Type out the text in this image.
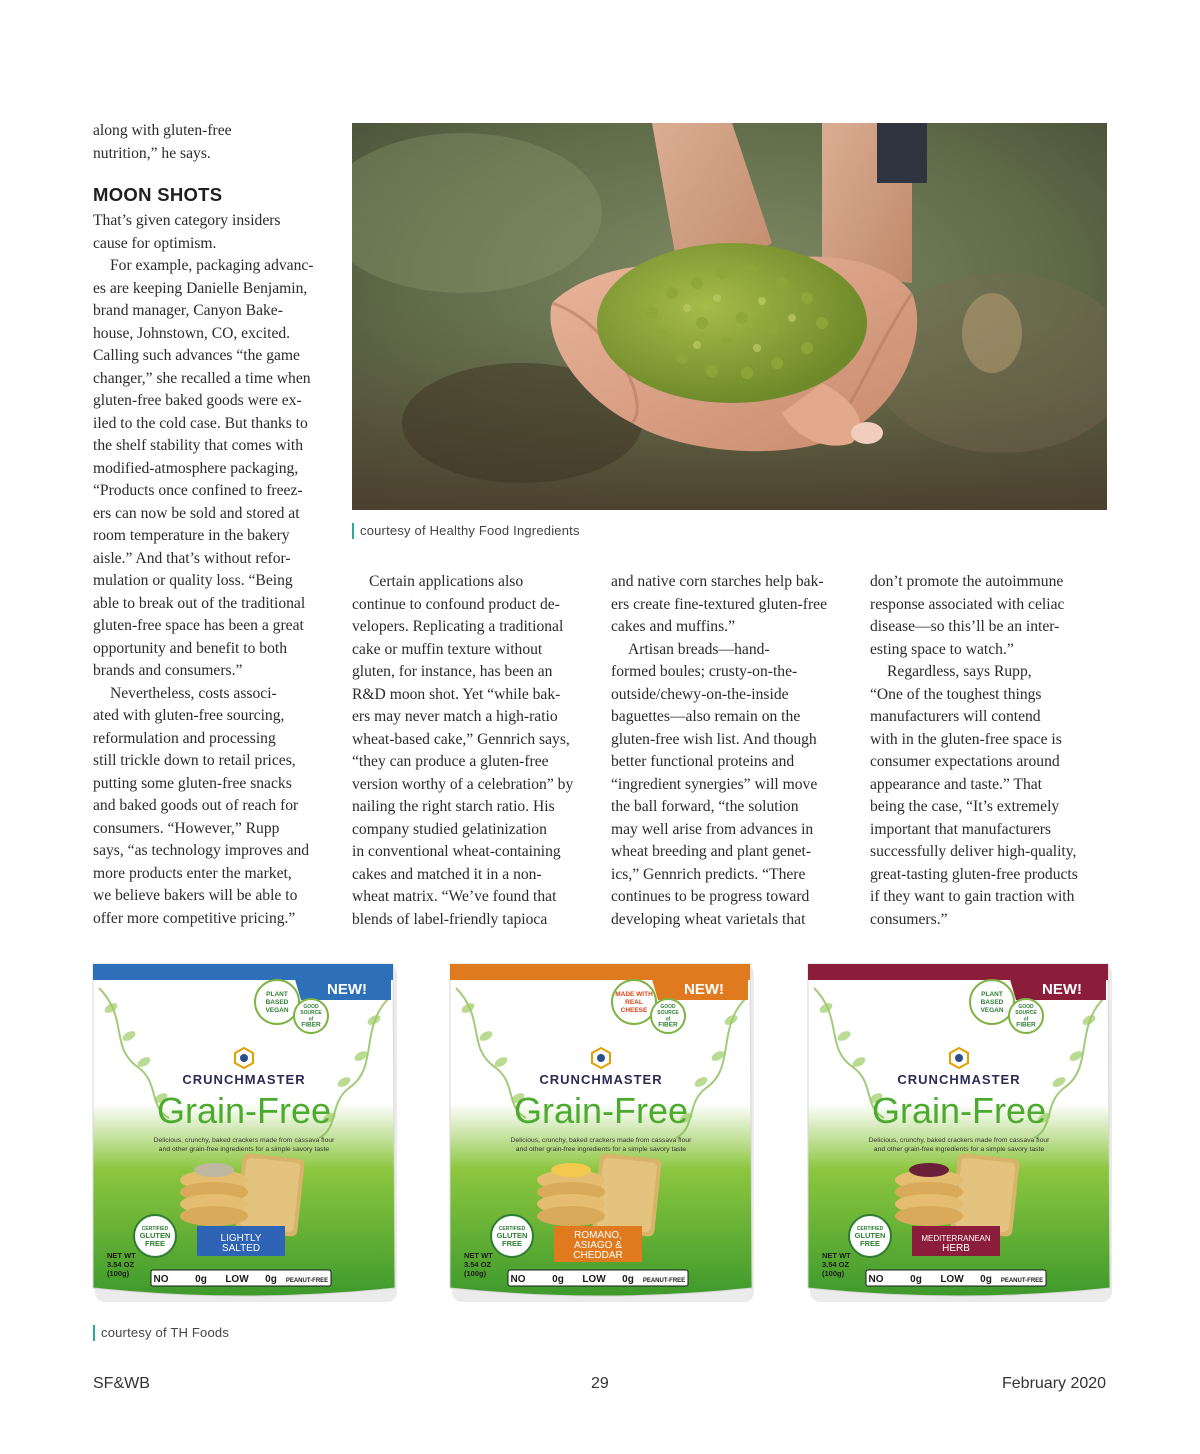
along with gluten-free
nutrition,” he says.
MOON SHOTS
That’s given category insiders
cause for optimism.
For example, packaging advanc-
es are keeping Danielle Benjamin,
brand manager, Canyon Bake-
house, Johnstown, CO, excited.
Calling such advances “the game
changer,” she recalled a time when
gluten-free baked goods were ex-
iled to the cold case. But thanks to
the shelf stability that comes with
modified-atmosphere packaging,
“Products once confined to freez-
ers can now be sold and stored at
room temperature in the bakery
aisle.” And that’s without refor-
mulation or quality loss. “Being
able to break out of the traditional
gluten-free space has been a great
opportunity and benefit to both
brands and consumers.”
Nevertheless, costs associ-
ated with gluten-free sourcing,
reformulation and processing
still trickle down to retail prices,
putting some gluten-free snacks
and baked goods out of reach for
consumers. “However,” Rupp
says, “as technology improves and
more products enter the market,
we believe bakers will be able to
offer more competitive pricing.”
courtesy of Healthy Food Ingredients
Certain applications also
continue to confound product de-
velopers. Replicating a traditional
cake or muffin texture without
gluten, for instance, has been an
R&D moon shot. Yet “while bak-
ers may never match a high-ratio
wheat-based cake,” Gennrich says,
“they can produce a gluten-free
version worthy of a celebration” by
nailing the right starch ratio. His
company studied gelatinization
in conventional wheat-containing
cakes and matched it in a non-
wheat matrix. “We’ve found that
blends of label-friendly tapioca
and native corn starches help bak-
ers create fine-textured gluten-free
cakes and muffins.”
Artisan breads—hand-
formed boules; crusty-on-the-
outside/chewy-on-the-inside
baguettes—also remain on the
gluten-free wish list. And though
better functional proteins and
“ingredient synergies” will move
the ball forward, “the solution
may well arise from advances in
wheat breeding and plant genet-
ics,” Gennrich predicts. “There
continues to be progress toward
developing wheat varietals that
don’t promote the autoimmune
response associated with celiac
disease—so this’ll be an inter-
esting space to watch.”
Regardless, says Rupp,
“One of the toughest things
manufacturers will contend
with in the gluten-free space is
consumer expectations around
appearance and taste.” That
being the case, “It’s extremely
important that manufacturers
successfully deliver high-quality,
great-tasting gluten-free products
if they want to gain traction with
consumers.”
NEW!
PLANT
BASED
VEGAN	GOOD
SOURCE
of
FIBER
CRUNCHMASTER
Grain-Free
Delicious, crunchy, baked crackers made from cassava flour
and other grain-free ingredients for a simple savory taste
LIGHTLY
SALTED
CERTIFIED
GLUTEN
FREE
NET WT
3.54 OZ
(100g)
NO	0g LOW 0g PEANUT-FREE
NEW!
MADE WITH
REAL
CHEESE	GOOD
SOURCE
of
FIBER
CRUNCHMASTER
Grain-Free
Delicious, crunchy, baked crackers made from cassava flour
and other grain-free ingredients for a simple savory taste
ROMANO,
ASIAGO &
CHEDDAR
CERTIFIED
GLUTEN
FREE
NET WT
3.54 OZ
(100g)
NO	0g LOW 0g PEANUT-FREE
NEW!
PLANT
BASED
VEGAN	GOOD
SOURCE
of
FIBER
CRUNCHMASTER
Grain-Free
Delicious, crunchy, baked crackers made from cassava flour
and other grain-free ingredients for a simple savory taste
MEDITERRANEAN
HERB
CERTIFIED
GLUTEN
FREE
NET WT
3.54 OZ
(100g)
NO	0g LOW 0g PEANUT-FREE
courtesy of TH Foods
SF&WB	29	February 2020
